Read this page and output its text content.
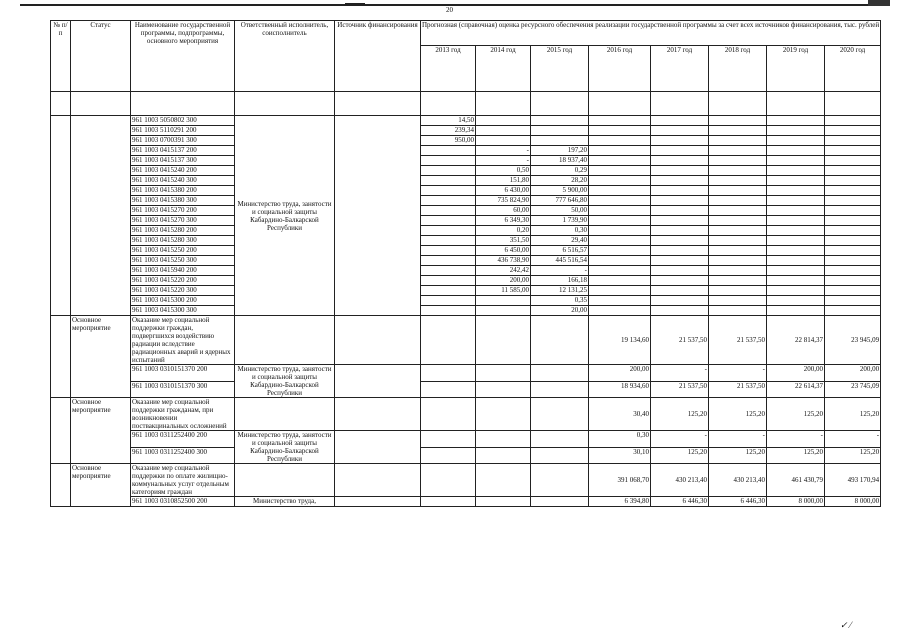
20
№ п/п	Статус	Наименование государственной программы, подпрограммы, основного мероприятия	Ответственный исполнитель, соисполнитель	Источник финансирования	Прогнозная (справочная) оценка ресурсного обеспечения реализации государственной программы за счет всех источников финансирования, тыс. рублей							
					2013 год	2014 год	2015 год	2016 год	2017 год	2018 год	2019 год	2020 год

		961 1003 5050802 300	Министерство труда, занятости и социальной защиты Кабардино-Балкарской Республики		14,50							
		961 1003 5110291 200			239,34							
		961 1003 0700391 300			950,00							
		961 1003 0415137 200				-	197,20					
		961 1003 0415137 300				-	18 937,40					
		961 1003 0415240 200				0,50	0,29					
		961 1003 0415240 300				151,80	28,20					
		961 1003 0415380 200				6 430,00	5 900,00					
		961 1003 0415380 300				735 824,90	777 646,80					
		961 1003 0415270 200				60,00	50,00					
		961 1003 0415270 300				6 349,30	1 739,90					
		961 1003 0415280 200				0,20	0,30					
		961 1003 0415280 300				351,50	29,40					
		961 1003 0415250 200				6 450,00	6 516,57					
		961 1003 0415250 300				436 738,90	445 516,54					
		961 1003 0415940 200				242,42	-					
		961 1003 0415220 200				200,00	166,18					
		961 1003 0415220 300				11 585,00	12 131,25					
		961 1003 0415300 200					0,35					
		961 1003 0415300 300					20,00					
	Основное мероприятие	Оказание мер социальной поддержки граждан, подвергшихся воздействию радиации вследствие радиационных аварий и ядерных испытаний						19 134,60	21 537,50	21 537,50	22 814,37	23 945,09
		961 1003 0310151370 200	Министерство труда, занятости и социальной защиты Кабардино-Балкарской Республики					200,00	-	-	200,00	200,00
		961 1003 0310151370 300						18 934,60	21 537,50	21 537,50	22 614,37	23 745,09
	Основное мероприятие	Оказание мер социальной поддержки гражданам, при возникновении поствакцинальных осложнений						30,40	125,20	125,20	125,20	125,20
		961 1003 0311252400 200	Министерство труда, занятости и социальной защиты Кабардино-Балкарской Республики					0,30	-	-	-	-
		961 1003 0311252400 300						30,10	125,20	125,20	125,20	125,20
	Основное мероприятие	Оказание мер социальной поддержки по оплате жилищно-коммунальных услуг отдельным категориям граждан						391 068,70	430 213,40	430 213,40	461 430,79	493 170,94
		961 1003 0310852500 200	Министерство труда,					6 394,80	6 446,30	6 446,30	8 000,00	8 000,00
✓ ⁄
